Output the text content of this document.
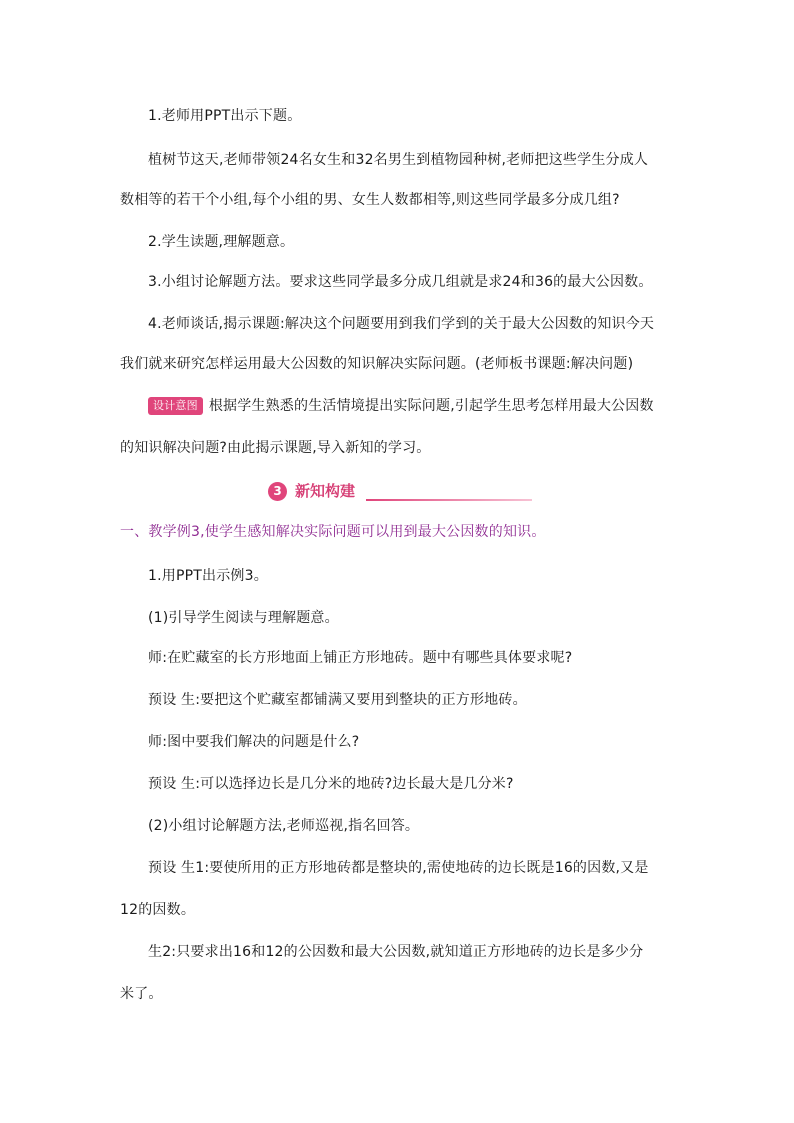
1.老师用PPT出示下题。
植树节这天,老师带领24名女生和32名男生到植物园种树,老师把这些学生分成人
数相等的若干个小组,每个小组的男、女生人数都相等,则这些同学最多分成几组?
2.学生读题,理解题意。
3.小组讨论解题方法。要求这些同学最多分成几组就是求24和36的最大公因数。
4.老师谈话,揭示课题:解决这个问题要用到我们学到的关于最大公因数的知识今天
我们就来研究怎样运用最大公因数的知识解决实际问题。(老师板书课题:解决问题)
设计意图 根据学生熟悉的生活情境提出实际问题,引起学生思考怎样用最大公因数
的知识解决问题?由此揭示课题,导入新知的学习。
3 新知构建
一、教学例3,使学生感知解决实际问题可以用到最大公因数的知识。
1.用PPT出示例3。
(1)引导学生阅读与理解题意。
师:在贮藏室的长方形地面上铺正方形地砖。题中有哪些具体要求呢?
预设 生:要把这个贮藏室都铺满又要用到整块的正方形地砖。
师:图中要我们解决的问题是什么?
预设 生:可以选择边长是几分米的地砖?边长最大是几分米?
(2)小组讨论解题方法,老师巡视,指名回答。
预设 生1:要使所用的正方形地砖都是整块的,需使地砖的边长既是16的因数,又是
12的因数。
生2:只要求出16和12的公因数和最大公因数,就知道正方形地砖的边长是多少分
米了。
